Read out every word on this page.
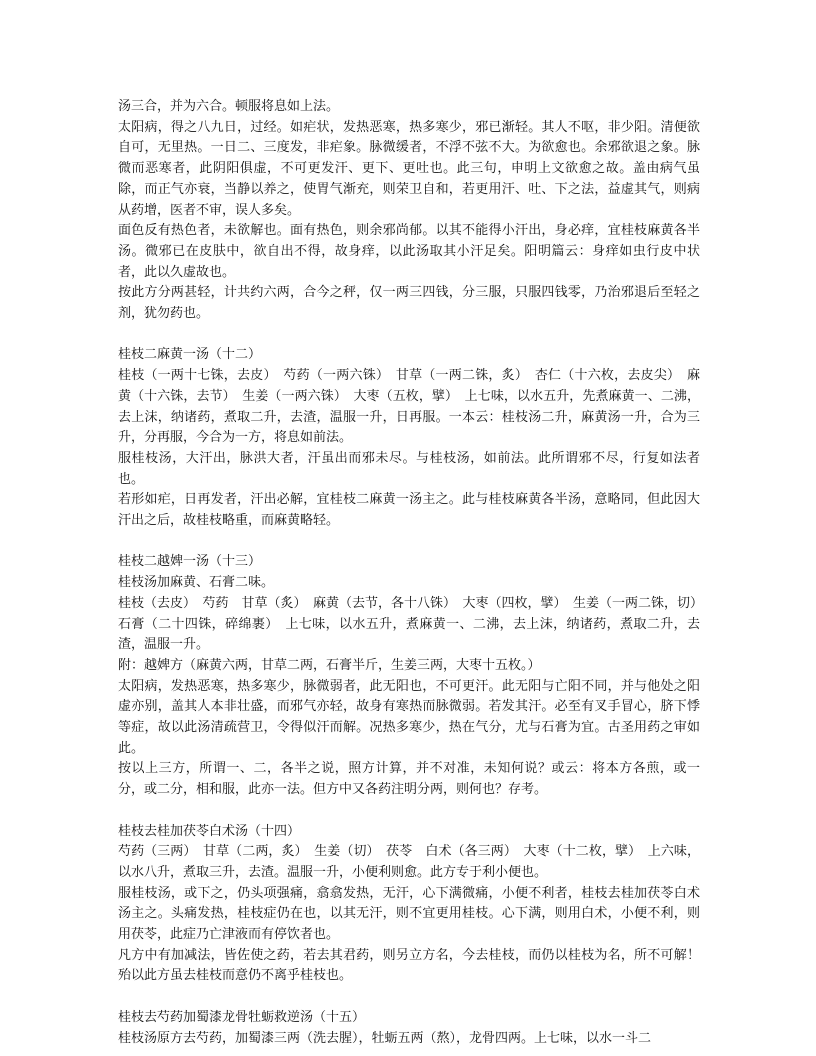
汤三合，并为六合。顿服将息如上法。

太阳病，得之八九日，过经。如疟状，发热恶寒，热多寒少，邪已渐轻。其人不呕，非少阳。清便欲自可，无里热。一日二、三度发，非疟象。脉微缓者，不浮不弦不大。为欲愈也。余邪欲退之象。脉微而恶寒者，此阴阳俱虚，不可更发汗、更下、更吐也。此三句，申明上文欲愈之故。盖由病气虽除，而正气亦衰，当静以养之，使胃气渐充，则荣卫自和，若更用汗、吐、下之法，益虚其气，则病从药增，医者不审，误人多矣。

面色反有热色者，未欲解也。面有热色，则余邪尚郁。以其不能得小汗出，身必痒，宜桂枝麻黄各半汤。微邪已在皮肤中，欲自出不得，故身痒，以此汤取其小汗足矣。阳明篇云：身痒如虫行皮中状者，此以久虚故也。

按此方分两甚轻，计共约六两，合今之秤，仅一两三四钱，分三服，只服四钱零，乃治邪退后至轻之剂，犹勿药也。

桂枝二麻黄一汤（十二）

桂枝（一两十七铢，去皮）　芍药（一两六铢）　甘草（一两二铢，炙）　杏仁（十六枚，去皮尖）　麻黄（十六铢，去节）　生姜（一两六铢）　大枣（五枚，擘）　上七味，以水五升，先煮麻黄一、二沸，去上沫，纳诸药，煮取二升，去渣，温服一升，日再服。一本云：桂枝汤二升，麻黄汤一升，合为三升，分再服，今合为一方，将息如前法。

服桂枝汤，大汗出，脉洪大者，汗虽出而邪未尽。与桂枝汤，如前法。此所谓邪不尽，行复如法者也。

若形如疟，日再发者，汗出必解，宜桂枝二麻黄一汤主之。此与桂枝麻黄各半汤，意略同，但此因大汗出之后，故桂枝略重，而麻黄略轻。

桂枝二越婢一汤（十三）

桂枝汤加麻黄、石膏二味。

桂枝（去皮）　芍药　甘草（炙）　麻黄（去节，各十八铢）　大枣（四枚，擘）　生姜（一两二铢，切）

石膏（二十四铢，碎绵裹）　上七味，以水五升，煮麻黄一、二沸，去上沫，纳诸药，煮取二升，去渣，温服一升。

附：越婢方（麻黄六两，甘草二两，石膏半斤，生姜三两，大枣十五枚。）

太阳病，发热恶寒，热多寒少，脉微弱者，此无阳也，不可更汗。此无阳与亡阳不同，并与他处之阳虚亦别，盖其人本非壮盛，而邪气亦轻，故身有寒热而脉微弱。若发其汗。必至有叉手冒心，脐下悸等症，故以此汤清疏营卫，令得似汗而解。况热多寒少，热在气分，尤与石膏为宜。古圣用药之审如此。

按以上三方，所谓一、二，各半之说，照方计算，并不对准，未知何说？或云：将本方各煎，或一分，或二分，相和服，此亦一法。但方中又各药注明分两，则何也？存考。

桂枝去桂加茯苓白术汤（十四）

芍药（三两）　甘草（二两，炙）　生姜（切）　茯苓　白术（各三两）　大枣（十二枚，擘）　上六味，以水八升，煮取三升，去渣。温服一升，小便利则愈。此方专于利小便也。

服桂枝汤，或下之，仍头项强痛，翕翕发热，无汗，心下满微痛，小便不利者，桂枝去桂加茯苓白术汤主之。头痛发热，桂枝症仍在也，以其无汗，则不宜更用桂枝。心下满，则用白术，小便不利，则用茯苓，此症乃亡津液而有停饮者也。

凡方中有加减法，皆佐使之药，若去其君药，则另立方名，今去桂枝，而仍以桂枝为名，所不可解！殆以此方虽去桂枝而意仍不离乎桂枝也。

桂枝去芍药加蜀漆龙骨牡蛎救逆汤（十五）

桂枝汤原方去芍药，加蜀漆三两（洗去腥），牡蛎五两（熬），龙骨四两。上七味，以水一斗二
